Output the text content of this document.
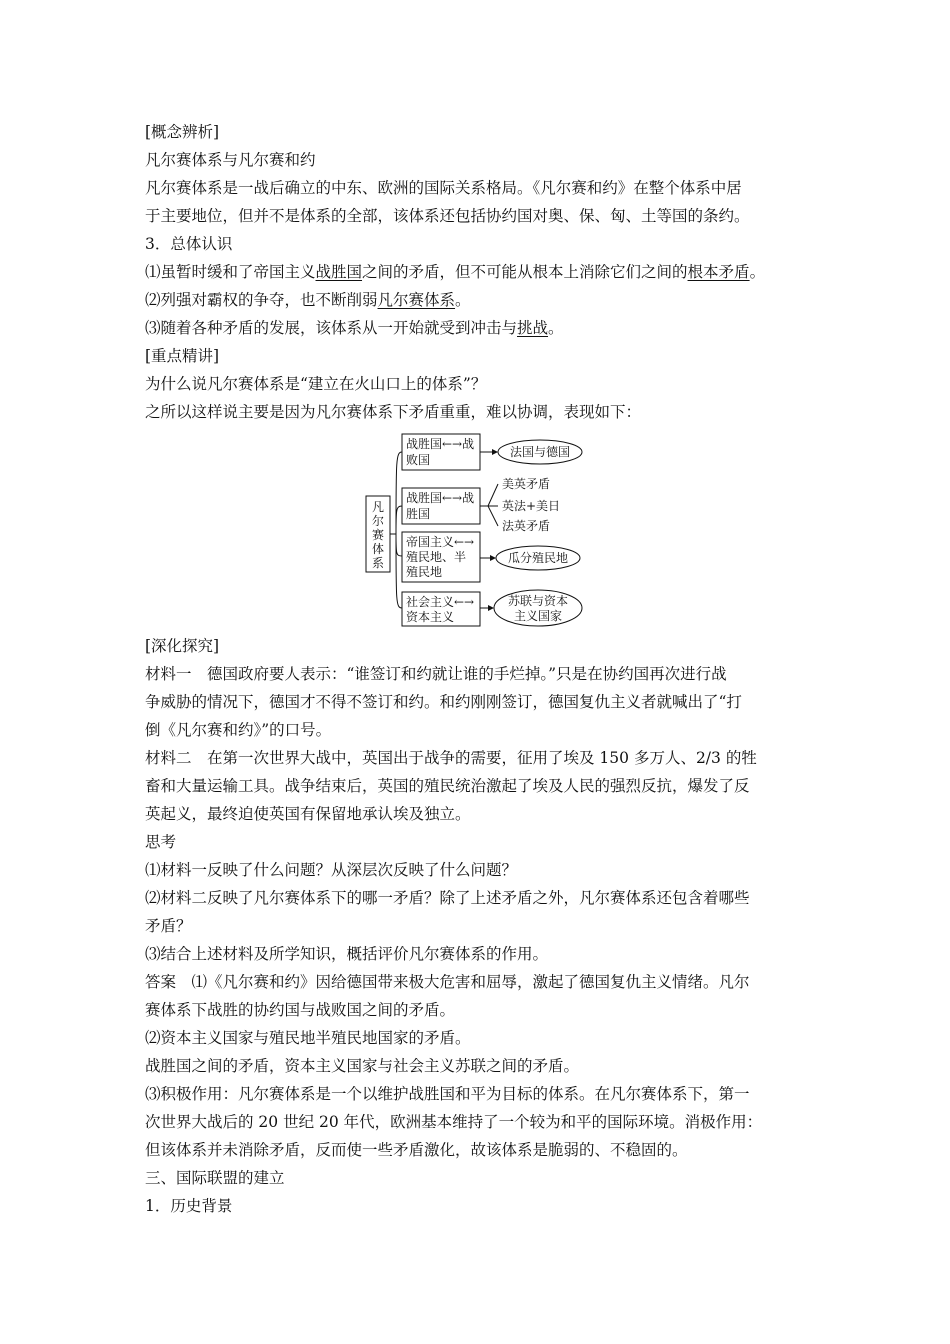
[概念辨析]
凡尔赛体系与凡尔赛和约
凡尔赛体系是一战后确立的中东、欧洲的国际关系格局。《凡尔赛和约》在整个体系中居
于主要地位，但并不是体系的全部，该体系还包括协约国对奥、保、匈、土等国的条约。
3．总体认识
⑴虽暂时缓和了帝国主义战胜国之间的矛盾，但不可能从根本上消除它们之间的根本矛盾。
⑵列强对霸权的争夺，也不断削弱凡尔赛体系。
⑶随着各种矛盾的发展，该体系从一开始就受到冲击与挑战。
[重点精讲]
为什么说凡尔赛体系是“建立在火山口上的体系”？
之所以这样说主要是因为凡尔赛体系下矛盾重重，难以协调，表现如下：
凡
尔
赛
体
系
战胜国←→战
败国
法国与德国
战胜国←→战
胜国
美英矛盾
英法+美日
法英矛盾
帝国主义←→
殖民地、半
殖民地
瓜分殖民地
社会主义←→
资本主义
苏联与资本
主义国家
[深化探究]
材料一　德国政府要人表示：“谁签订和约就让谁的手烂掉。”只是在协约国再次进行战
争威胁的情况下，德国才不得不签订和约。和约刚刚签订，德国复仇主义者就喊出了“打
倒《凡尔赛和约》”的口号。
材料二　在第一次世界大战中，英国出于战争的需要，征用了埃及 150 多万人、2/3 的牲
畜和大量运输工具。战争结束后，英国的殖民统治激起了埃及人民的强烈反抗，爆发了反
英起义，最终迫使英国有保留地承认埃及独立。
思考
⑴材料一反映了什么问题？从深层次反映了什么问题？
⑵材料二反映了凡尔赛体系下的哪一矛盾？除了上述矛盾之外，凡尔赛体系还包含着哪些
矛盾？
⑶结合上述材料及所学知识，概括评价凡尔赛体系的作用。
答案　⑴《凡尔赛和约》因给德国带来极大危害和屈辱，激起了德国复仇主义情绪。凡尔
赛体系下战胜的协约国与战败国之间的矛盾。
⑵资本主义国家与殖民地半殖民地国家的矛盾。
战胜国之间的矛盾，资本主义国家与社会主义苏联之间的矛盾。
⑶积极作用：凡尔赛体系是一个以维护战胜国和平为目标的体系。在凡尔赛体系下，第一
次世界大战后的 20 世纪 20 年代，欧洲基本维持了一个较为和平的国际环境。消极作用：
但该体系并未消除矛盾，反而使一些矛盾激化，故该体系是脆弱的、不稳固的。
三、国际联盟的建立
1．历史背景
